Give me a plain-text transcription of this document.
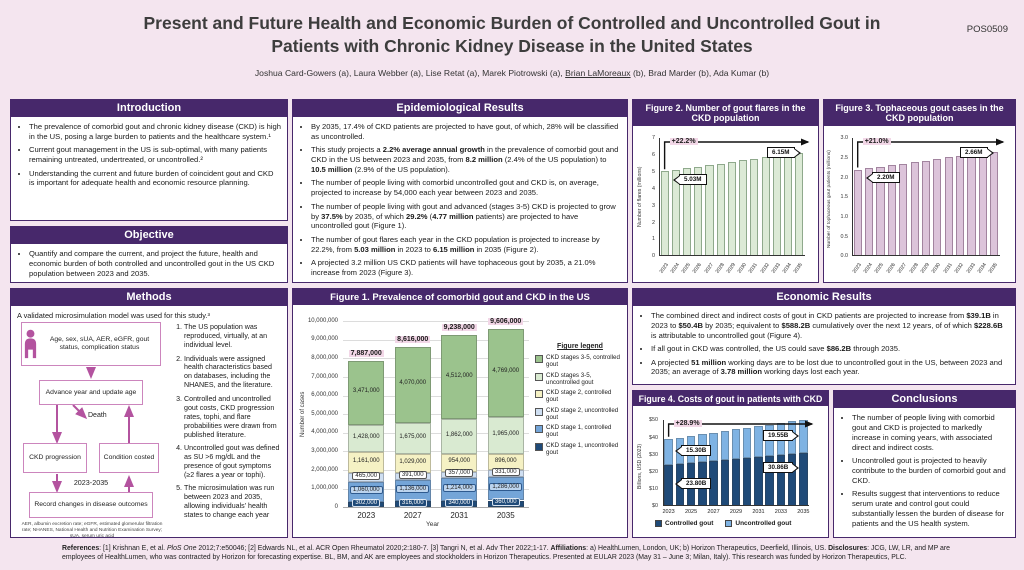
POS0509
Present and Future Health and Economic Burden of Controlled and Uncontrolled Gout in Patients with Chronic Kidney Disease in the United States
Joshua Card-Gowers (a), Laura Webber (a), Lise Retat (a), Marek Piotrowski (a), Brian LaMoreaux (b), Brad Marder (b), Ada Kumar (b)
Introduction
• The prevalence of comorbid gout and chronic kidney disease (CKD) is high in the US, posing a large burden to patients and the healthcare system.¹
• Current gout management in the US is sub-optimal, with many patients remaining untreated, undertreated, or uncontrolled.²
• Understanding the current and future burden of coincident gout and CKD is important for adequate health and economic resource planning.
Objective
• Quantify and compare the current, and project the future, health and economic burden of both controlled and uncontrolled gout in the US CKD population between 2023 and 2035.
Methods
A validated microsimulation model was used for this study.³
Age, sex, sUA, AER, eGFR, gout status, complication status
Advance year and update age
Death
CKD progression	Condition costed
2023-2035
Record changes in disease outcomes
AER, albumin excretion rate; eGFR, estimated glomerular filtration rate; NHANES, National Health and Nutrition Examination Survey; sUA, serum uric acid
1. The US population was reproduced, virtually, at an individual level.
2. Individuals were assigned health characteristics based on databases, including the NHANES, and the literature.
3. Controlled and uncontrolled gout costs, CKD progression rates, tophi, and flare probabilities were drawn from published literature.
4. Uncontrolled gout was defined as SU >6 mg/dL and the presence of gout symptoms (≥2 flares a year or tophi).
5. The microsimulation was run between 2023 and 2035, allowing individuals’ health states to change each year
Epidemiological Results
• By 2035, 17.4% of CKD patients are projected to have gout, of which, 28% will be classified as uncontrolled.
• This study projects a 2.2% average annual growth in the prevalence of comorbid gout and CKD in the US between 2023 and 2035, from 8.2 million (2.4% of the US population) to 10.5 million (2.9% of the US population).
• The number of people living with comorbid uncontrolled gout and CKD is, on average, projected to increase by 54,000 each year between 2023 and 2035.
• The number of people living with gout and advanced (stages 3-5) CKD is projected to grow by 37.5% by 2035, of which 29.2% (4.77 million patients) are projected to have uncontrolled gout (Figure 1).
• The number of gout flares each year in the CKD population is projected to increase by 22.2%, from 5.03 million in 2023 to 6.15 million in 2035 (Figure 2).
• A projected 3.2 million US CKD patients will have tophaceous gout by 2035, a 21.0% increase from 2023 (Figure 3).
Figure 1. Prevalence of comorbid gout and CKD in the US
0
1,000,000
2,000,000
3,000,000
4,000,000
5,000,000
6,000,000
7,000,000
8,000,000
9,000,000
10,000,000
Number of cases
302,000
1,060,000
465,000
1,161,000
1,428,000
3,471,000
7,887,000
2023
316,000
1,136,000
391,000
1,029,000
1,675,000
4,070,000
8,616,000
2027
340,000
1,214,000
357,000
954,000
1,862,000
4,512,000
9,238,000
2031
360,000
1,286,000
331,000
896,000
1,965,000
4,769,000
9,606,000
2035
Year
Figure legend
CKD stages 3-5, controlled gout
CKD stages 3-5, uncontrolled gout
CKD stage 2, controlled gout
CKD stage 2, uncontrolled gout
CKD stage 1, controlled gout
CKD stage 1, uncontrolled gout
Figure 2. Number of gout flares in the CKD population
0
1
2
3
4
5
6
7
Number of flares (millions)
2023 2024 2025 2026 2027 2028 2029 2030 2031 2032 2033 2034 2035
+22.2%
5.03M
6.15M
Figure 3. Tophaceous gout cases in the CKD population
0.0
0.5
1.0
1.5
2.0
2.5
3.0
Number of tophaceous gout patients (millions)
2023 2024 2025 2026 2027 2028 2029 2030 2031 2032 2033 2034 2035
+21.0%
2.20M
2.66M
Economic Results
• The combined direct and indirect costs of gout in CKD patients are projected to increase from $39.1B in 2023 to $50.4B by 2035; equivalent to $588.2B cumulatively over the next 12 years, of of which $228.6B is attributable to uncontrolled gout (Figure 4).
• If all gout in CKD was controlled, the US could save $86.2B through 2035.
• A projected 51 million working days are to be lost due to uncontrolled gout in the US, between 2023 and 2035; an average of 3.78 million working days lost each year.
Figure 4. Costs of gout in patients with CKD
$0
$10
$20
$30
$40
$50
Billions, USD (2023)
2023	2025	2027	2029	2031	2033	2035
+28.9%
15.30B
23.80B
19.55B
30.86B
Controlled gout	Uncontrolled gout
Conclusions
• The number of people living with comorbid gout and CKD is projected to markedly increase in coming years, with associated direct and indirect costs.
• Uncontrolled gout is projected to heavily contribute to the burden of comorbid gout and CKD.
• Results suggest that interventions to reduce serum urate and control gout could substantially lessen the burden of disease for patients and the US health system.
References: [1] Krishnan E, et al. PloS One 2012;7:e50046; [2] Edwards NL, et al. ACR Open Rheumatol 2020;2:180-7. [3] Tangri N, et al. Adv Ther 2022;1-17. Affiliations: a) HealthLumen, London, UK; b) Horizon Therapeutics, Deerfield, Illinois, US. Disclosures: JCG, LW, LR, and MP are employees of HealthLumen, who was contracted by Horizon for forecasting expertise. BL, BM, and AK are employees and stockholders in Horizon Therapeutics. Presented at EULAR 2023 (May 31 – June 3; Milan, Italy). This research was funded by Horizon Therapeutics, PLC.
